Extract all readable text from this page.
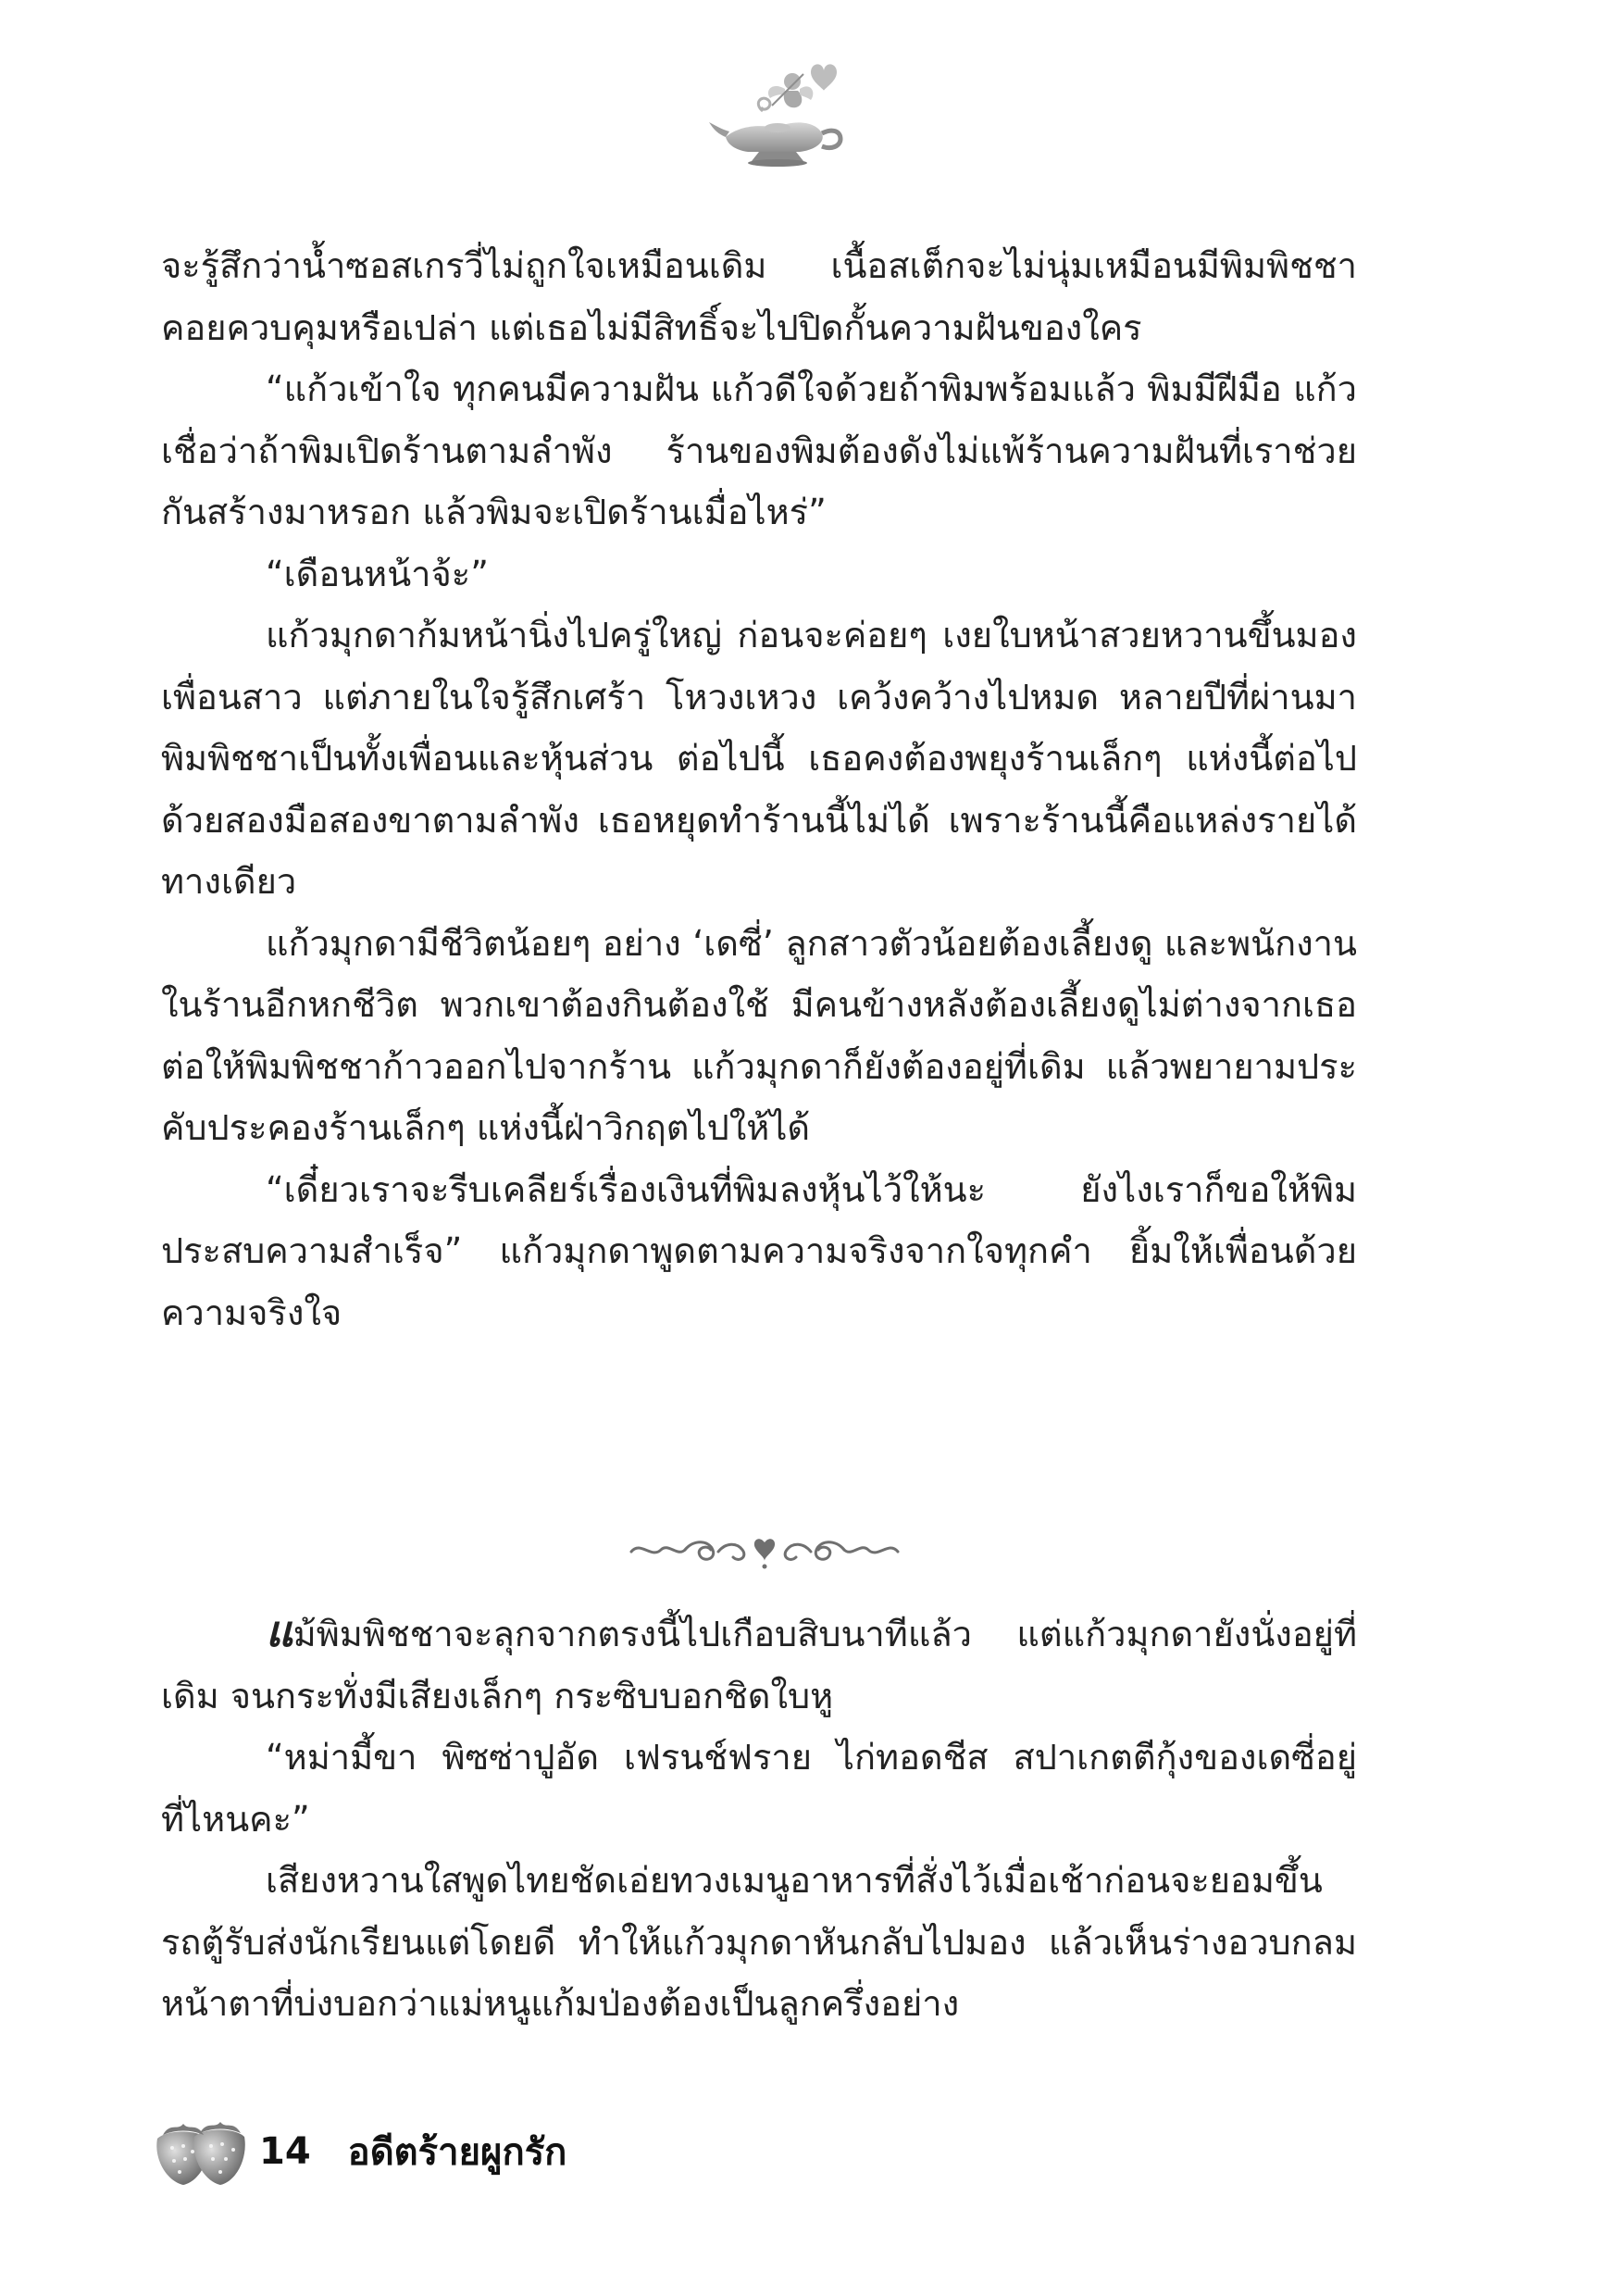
จะรู้สึกว่าน้ำซอสเกรวี่ไม่ถูกใจเหมือนเดิม เนื้อสเต็กจะไม่นุ่มเหมือนมีพิมพิชชาคอยควบคุมหรือเปล่า แต่เธอไม่มีสิทธิ์จะไปปิดกั้นความฝันของใคร

“แก้วเข้าใจ ทุกคนมีความฝัน แก้วดีใจด้วยถ้าพิมพร้อมแล้ว พิมมีฝีมือ แก้วเชื่อว่าถ้าพิมเปิดร้านตามลำพัง ร้านของพิมต้องดังไม่แพ้ร้านความฝันที่เราช่วยกันสร้างมาหรอก แล้วพิมจะเปิดร้านเมื่อไหร่”

“เดือนหน้าจ้ะ”

แก้วมุกดาก้มหน้านิ่งไปครู่ใหญ่ ก่อนจะค่อยๆ เงยใบหน้าสวยหวานขึ้นมองเพื่อนสาว แต่ภายในใจรู้สึกเศร้า โหวงเหวง เคว้งคว้างไปหมด หลายปีที่ผ่านมา พิมพิชชาเป็นทั้งเพื่อนและหุ้นส่วน ต่อไปนี้ เธอคงต้องพยุงร้านเล็กๆ แห่งนี้ต่อไปด้วยสองมือสองขาตามลำพัง เธอหยุดทำร้านนี้ไม่ได้ เพราะร้านนี้คือแหล่งรายได้ทางเดียว

แก้วมุกดามีชีวิตน้อยๆ อย่าง ‘เดซี่’ ลูกสาวตัวน้อยต้องเลี้ยงดู และพนักงานในร้านอีกหกชีวิต พวกเขาต้องกินต้องใช้ มีคนข้างหลังต้องเลี้ยงดูไม่ต่างจากเธอ ต่อให้พิมพิชชาก้าวออกไปจากร้าน แก้วมุกดาก็ยังต้องอยู่ที่เดิม แล้วพยายามประคับประคองร้านเล็กๆ แห่งนี้ฝ่าวิกฤตไปให้ได้

“เดี๋ยวเราจะรีบเคลียร์เรื่องเงินที่พิมลงหุ้นไว้ให้นะ ยังไงเราก็ขอให้พิมประสบความสำเร็จ” แก้วมุกดาพูดตามความจริงจากใจทุกคำ ยิ้มให้เพื่อนด้วยความจริงใจ

แม้พิมพิชชาจะลุกจากตรงนี้ไปเกือบสิบนาทีแล้ว แต่แก้วมุกดายังนั่งอยู่ที่เดิม จนกระทั่งมีเสียงเล็กๆ กระซิบบอกชิดใบหู

“หม่ามี้ขา พิซซ่าปูอัด เฟรนช์ฟราย ไก่ทอดชีส สปาเกตตีกุ้งของเดซี่อยู่ที่ไหนคะ”

เสียงหวานใสพูดไทยชัดเอ่ยทวงเมนูอาหารที่สั่งไว้เมื่อเช้าก่อนจะยอมขึ้นรถตู้รับส่งนักเรียนแต่โดยดี ทำให้แก้วมุกดาหันกลับไปมอง แล้วเห็นร่างอวบกลม หน้าตาที่บ่งบอกว่าแม่หนูแก้มป่องต้องเป็นลูกครึ่งอย่าง

14 อดีตร้ายผูกรัก
